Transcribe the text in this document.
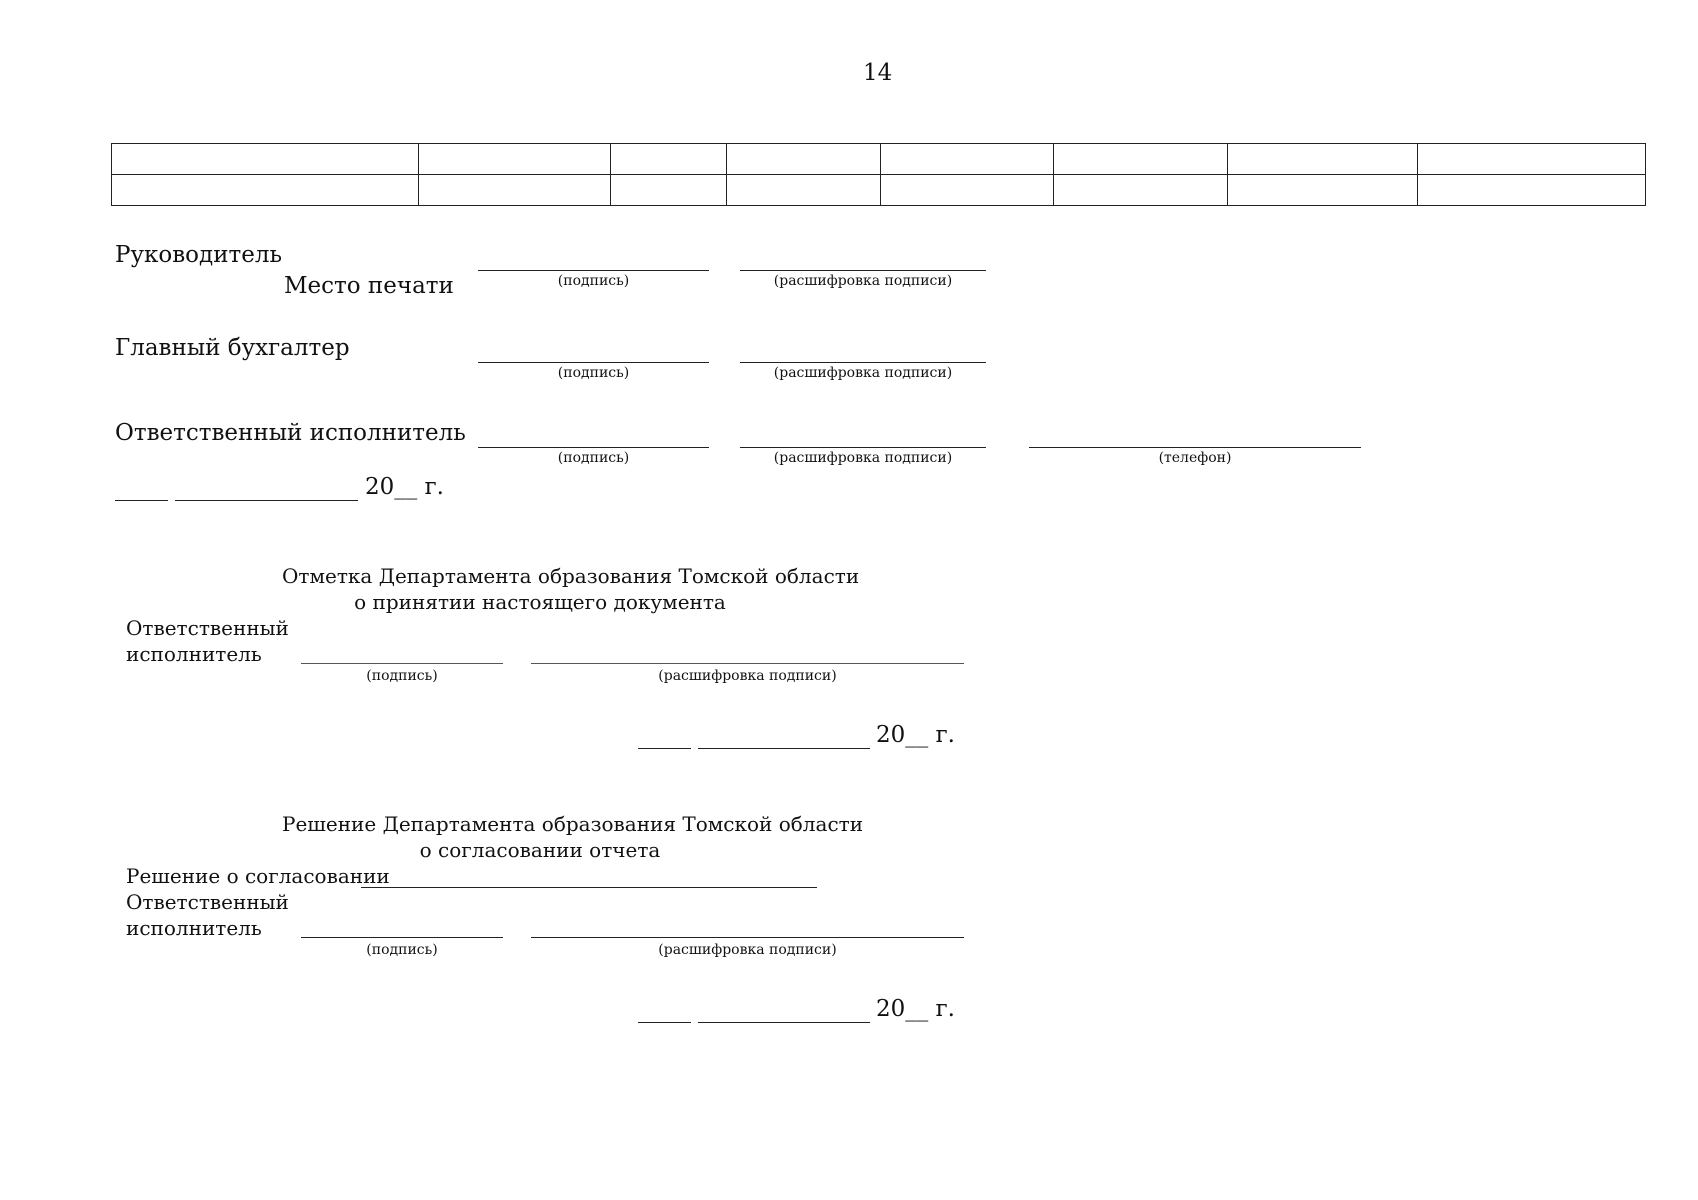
14

Руководитель
Место печати	(подпись)	(расшифровка подписи)
Главный бухгалтер
(подпись)	(расшифровка подписи)
Ответственный исполнитель
(подпись)	(расшифровка подписи)	(телефон)
20__ г.
Отметка Департамента образования Томской области
о принятии настоящего документа
Ответственный
исполнитель
(подпись)	(расшифровка подписи)
20__ г.
Решение Департамента образования Томской области
о согласовании отчета
Решение о согласовании
Ответственный
исполнитель
(подпись)	(расшифровка подписи)
20__ г.
